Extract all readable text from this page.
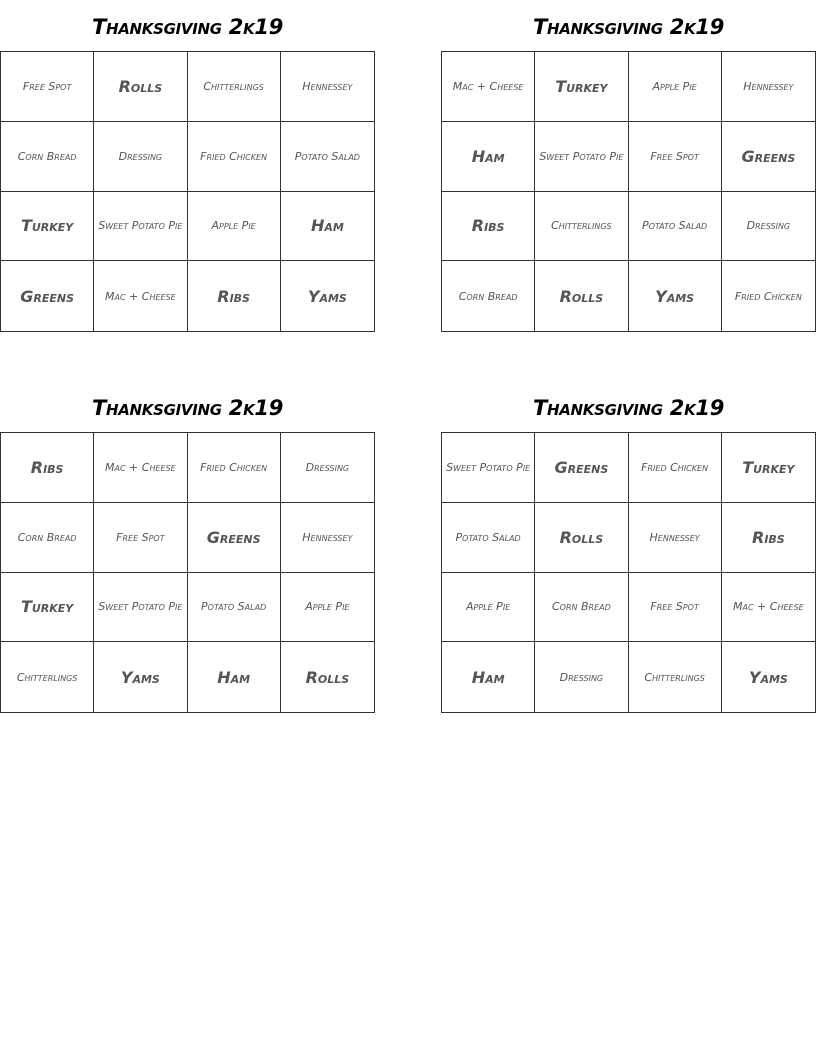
Thanksgiving 2k19
Free Spot	Rolls	Chitterlings	Hennessey
Corn Bread	Dressing	Fried Chicken	Potato Salad
Turkey	Sweet Potato Pie	Apple Pie	Ham
Greens	Mac + Cheese	Ribs	Yams
Thanksgiving 2k19
Mac + Cheese	Turkey	Apple Pie	Hennessey
Ham	Sweet Potato Pie	Free Spot	Greens
Ribs	Chitterlings	Potato Salad	Dressing
Corn Bread	Rolls	Yams	Fried Chicken
Thanksgiving 2k19
Ribs	Mac + Cheese	Fried Chicken	Dressing
Corn Bread	Free Spot	Greens	Hennessey
Turkey	Sweet Potato Pie	Potato Salad	Apple Pie
Chitterlings	Yams	Ham	Rolls
Thanksgiving 2k19
Sweet Potato Pie	Greens	Fried Chicken	Turkey
Potato Salad	Rolls	Hennessey	Ribs
Apple Pie	Corn Bread	Free Spot	Mac + Cheese
Ham	Dressing	Chitterlings	Yams
